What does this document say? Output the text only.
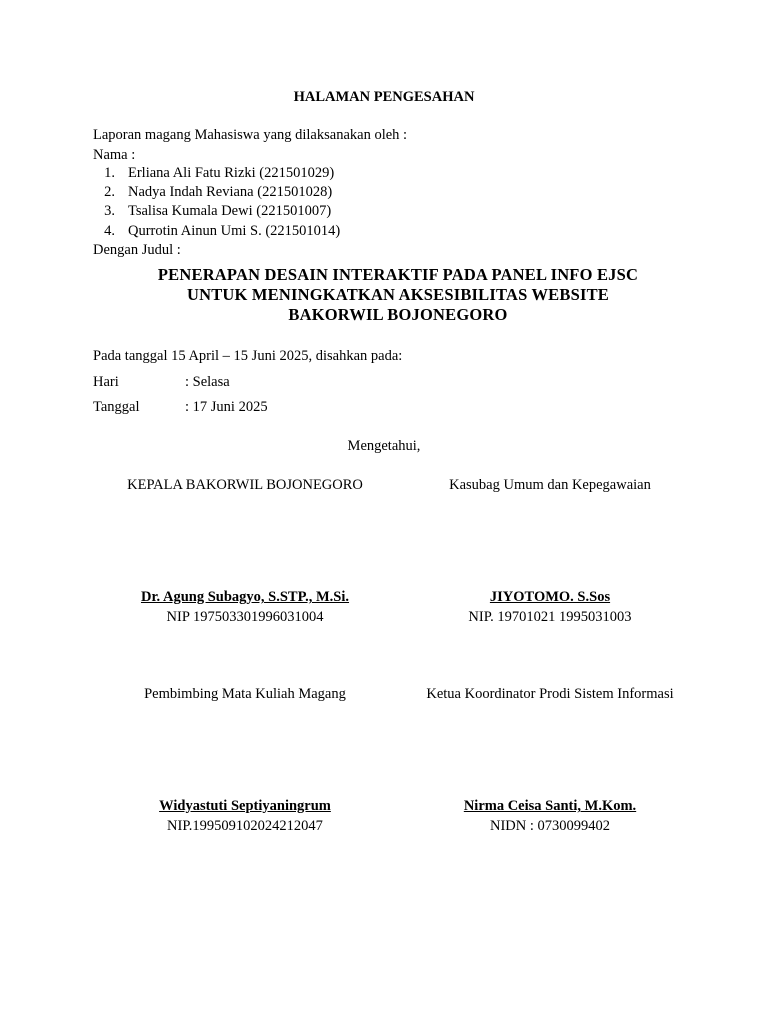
HALAMAN PENGESAHAN
Laporan magang Mahasiswa yang dilaksanakan oleh :
Nama :
1. Erliana Ali Fatu Rizki (221501029)
2. Nadya Indah Reviana (221501028)
3. Tsalisa Kumala Dewi (221501007)
4. Qurrotin Ainun Umi S. (221501014)
Dengan Judul :
PENERAPAN DESAIN INTERAKTIF PADA PANEL INFO EJSC
UNTUK MENINGKATKAN AKSESIBILITAS WEBSITE
BAKORWIL BOJONEGORO
Pada tanggal 15 April – 15 Juni 2025, disahkan pada:
Hari	: Selasa
Tanggal	: 17 Juni 2025
Mengetahui,
KEPALA BAKORWIL BOJONEGORO
Dr. Agung Subagyo, S.STP., M.Si.
NIP 197503301996031004
Kasubag Umum dan Kepegawaian
JIYOTOMO. S.Sos
NIP. 19701021 1995031003
Pembimbing Mata Kuliah Magang
Widyastuti Septiyaningrum
NIP.199509102024212047
Ketua Koordinator Prodi Sistem Informasi
Nirma Ceisa Santi, M.Kom.
NIDN : 0730099402
